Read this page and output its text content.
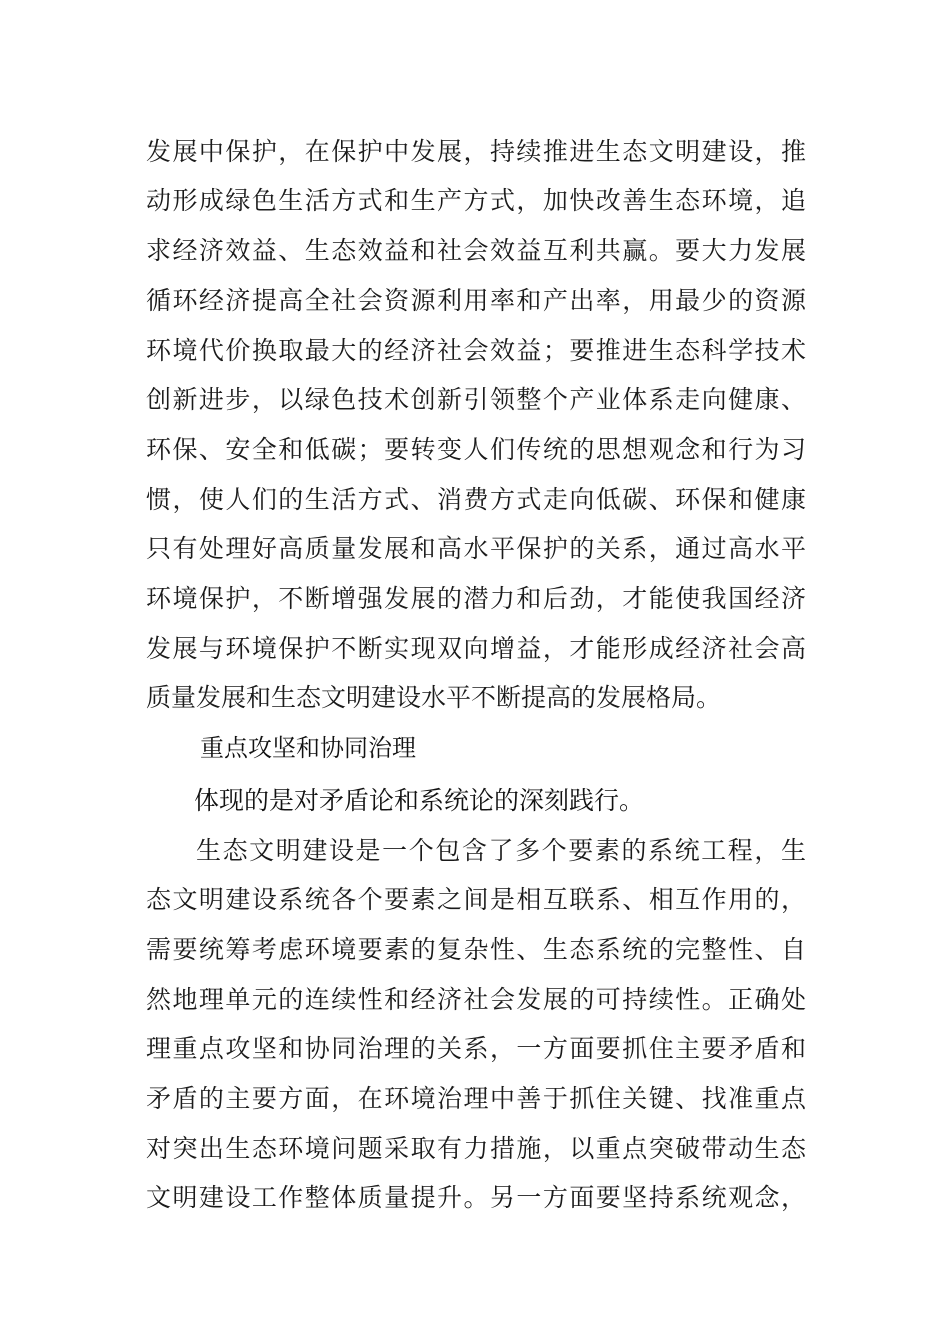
发展中保护，在保护中发展，持续推进生态文明建设，推
动形成绿色生活方式和生产方式，加快改善生态环境，追
求经济效益、生态效益和社会效益互利共赢。要大力发展
循环经济提高全社会资源利用率和产出率，用最少的资源
环境代价换取最大的经济社会效益；要推进生态科学技术
创新进步，以绿色技术创新引领整个产业体系走向健康、
环保、安全和低碳；要转变人们传统的思想观念和行为习
惯，使人们的生活方式、消费方式走向低碳、环保和健康
只有处理好高质量发展和高水平保护的关系，通过高水平
环境保护，不断增强发展的潜力和后劲，才能使我国经济
发展与环境保护不断实现双向增益，才能形成经济社会高
质量发展和生态文明建设水平不断提高的发展格局。
重点攻坚和协同治理
体现的是对矛盾论和系统论的深刻践行。
生态文明建设是一个包含了多个要素的系统工程，生
态文明建设系统各个要素之间是相互联系、相互作用的，
需要统筹考虑环境要素的复杂性、生态系统的完整性、自
然地理单元的连续性和经济社会发展的可持续性。正确处
理重点攻坚和协同治理的关系，一方面要抓住主要矛盾和
矛盾的主要方面，在环境治理中善于抓住关键、找准重点
对突出生态环境问题采取有力措施，以重点突破带动生态
文明建设工作整体质量提升。另一方面要坚持系统观念，
